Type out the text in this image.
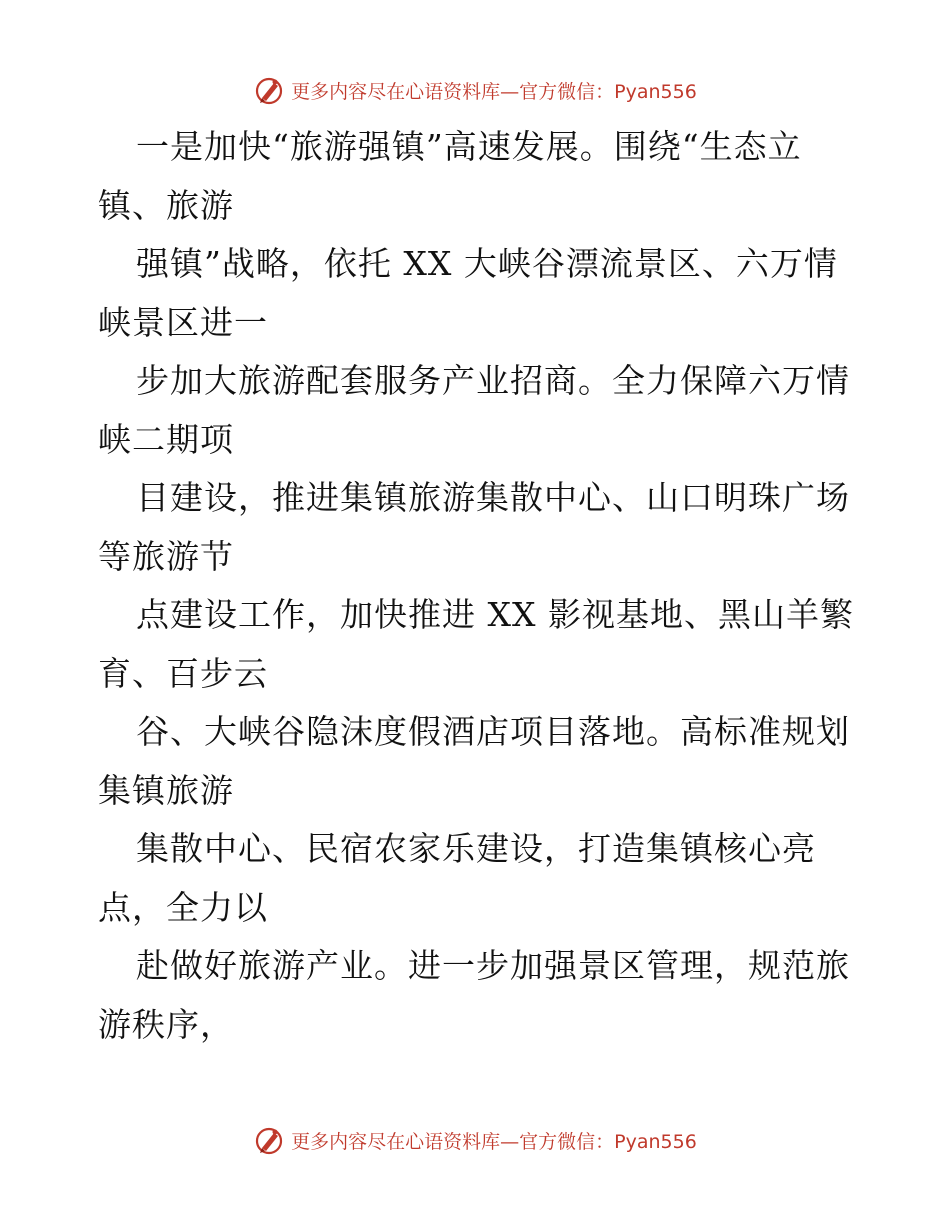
更多内容尽在心语资料库— 官方微信：Pyan556
一是加快“旅游强镇”高速发展。围绕“生态立
镇、旅游
强镇”战略，依托 XX 大峡谷漂流景区、六万情
峡景区进一
步加大旅游配套服务产业招商。全力保障六万情
峡二期项
目建设，推进集镇旅游集散中心、山口明珠广场
等旅游节
点建设工作，加快推进 XX 影视基地、黑山羊繁
育、百步云
谷、大峡谷隐沫度假酒店项目落地。高标准规划
集镇旅游
集散中心、民宿农家乐建设，打造集镇核心亮
点，全力以
赴做好旅游产业。进一步加强景区管理，规范旅
游秩序，
更多内容尽在心语资料库— 官方微信：Pyan556
